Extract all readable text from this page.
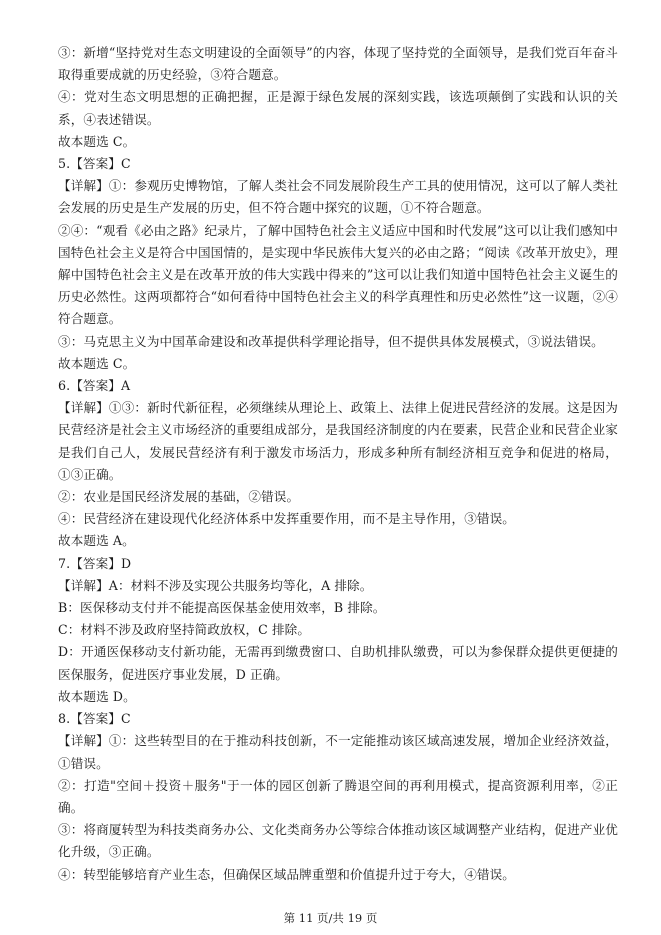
③：新增“坚持党对生态文明建设的全面领导”的内容，体现了坚持党的全面领导，是我们党百年奋斗取得重要成就的历史经验，③符合题意。

④：党对生态文明思想的正确把握，正是源于绿色发展的深刻实践，该选项颠倒了实践和认识的关系，④表述错误。

故本题选 C。

5.【答案】C

【详解】①：参观历史博物馆，了解人类社会不同发展阶段生产工具的使用情况，这可以了解人类社会发展的历史是生产发展的历史，但不符合题中探究的议题，①不符合题意。

②④：“观看《必由之路》纪录片，了解中国特色社会主义适应中国和时代发展”这可以让我们感知中国特色社会主义是符合中国国情的，是实现中华民族伟大复兴的必由之路；“阅读《改革开放史》，理解中国特色社会主义是在改革开放的伟大实践中得来的”这可以让我们知道中国特色社会主义诞生的历史必然性。这两项都符合“如何看待中国特色社会主义的科学真理性和历史必然性”这一议题，②④符合题意。

③：马克思主义为中国革命建设和改革提供科学理论指导，但不提供具体发展模式，③说法错误。

故本题选 C。

6.【答案】A

【详解】①③：新时代新征程，必须继续从理论上、政策上、法律上促进民营经济的发展。这是因为民营经济是社会主义市场经济的重要组成部分，是我国经济制度的内在要素，民营企业和民营企业家是我们自己人，发展民营经济有利于激发市场活力，形成多种所有制经济相互竞争和促进的格局，①③正确。

②：农业是国民经济发展的基础，②错误。

④：民营经济在建设现代化经济体系中发挥重要作用，而不是主导作用，③错误。

故本题选 A。

7.【答案】D

【详解】A：材料不涉及实现公共服务均等化，A 排除。

B：医保移动支付并不能提高医保基金使用效率，B 排除。

C：材料不涉及政府坚持简政放权，C 排除。

D：开通医保移动支付新功能，无需再到缴费窗口、自助机排队缴费，可以为参保群众提供更便捷的医保服务，促进医疗事业发展，D 正确。

故本题选 D。

8.【答案】C

【详解】①：这些转型目的在于推动科技创新，不一定能推动该区域高速发展，增加企业经济效益，①错误。

②：打造"空间＋投资＋服务"于一体的园区创新了腾退空间的再利用模式，提高资源利用率，②正确。

③：将商厦转型为科技类商务办公、文化类商务办公等综合体推动该区域调整产业结构，促进产业优化升级，③正确。

④：转型能够培育产业生态，但确保区域品牌重塑和价值提升过于夸大，④错误。

第 11 页/共 19 页
